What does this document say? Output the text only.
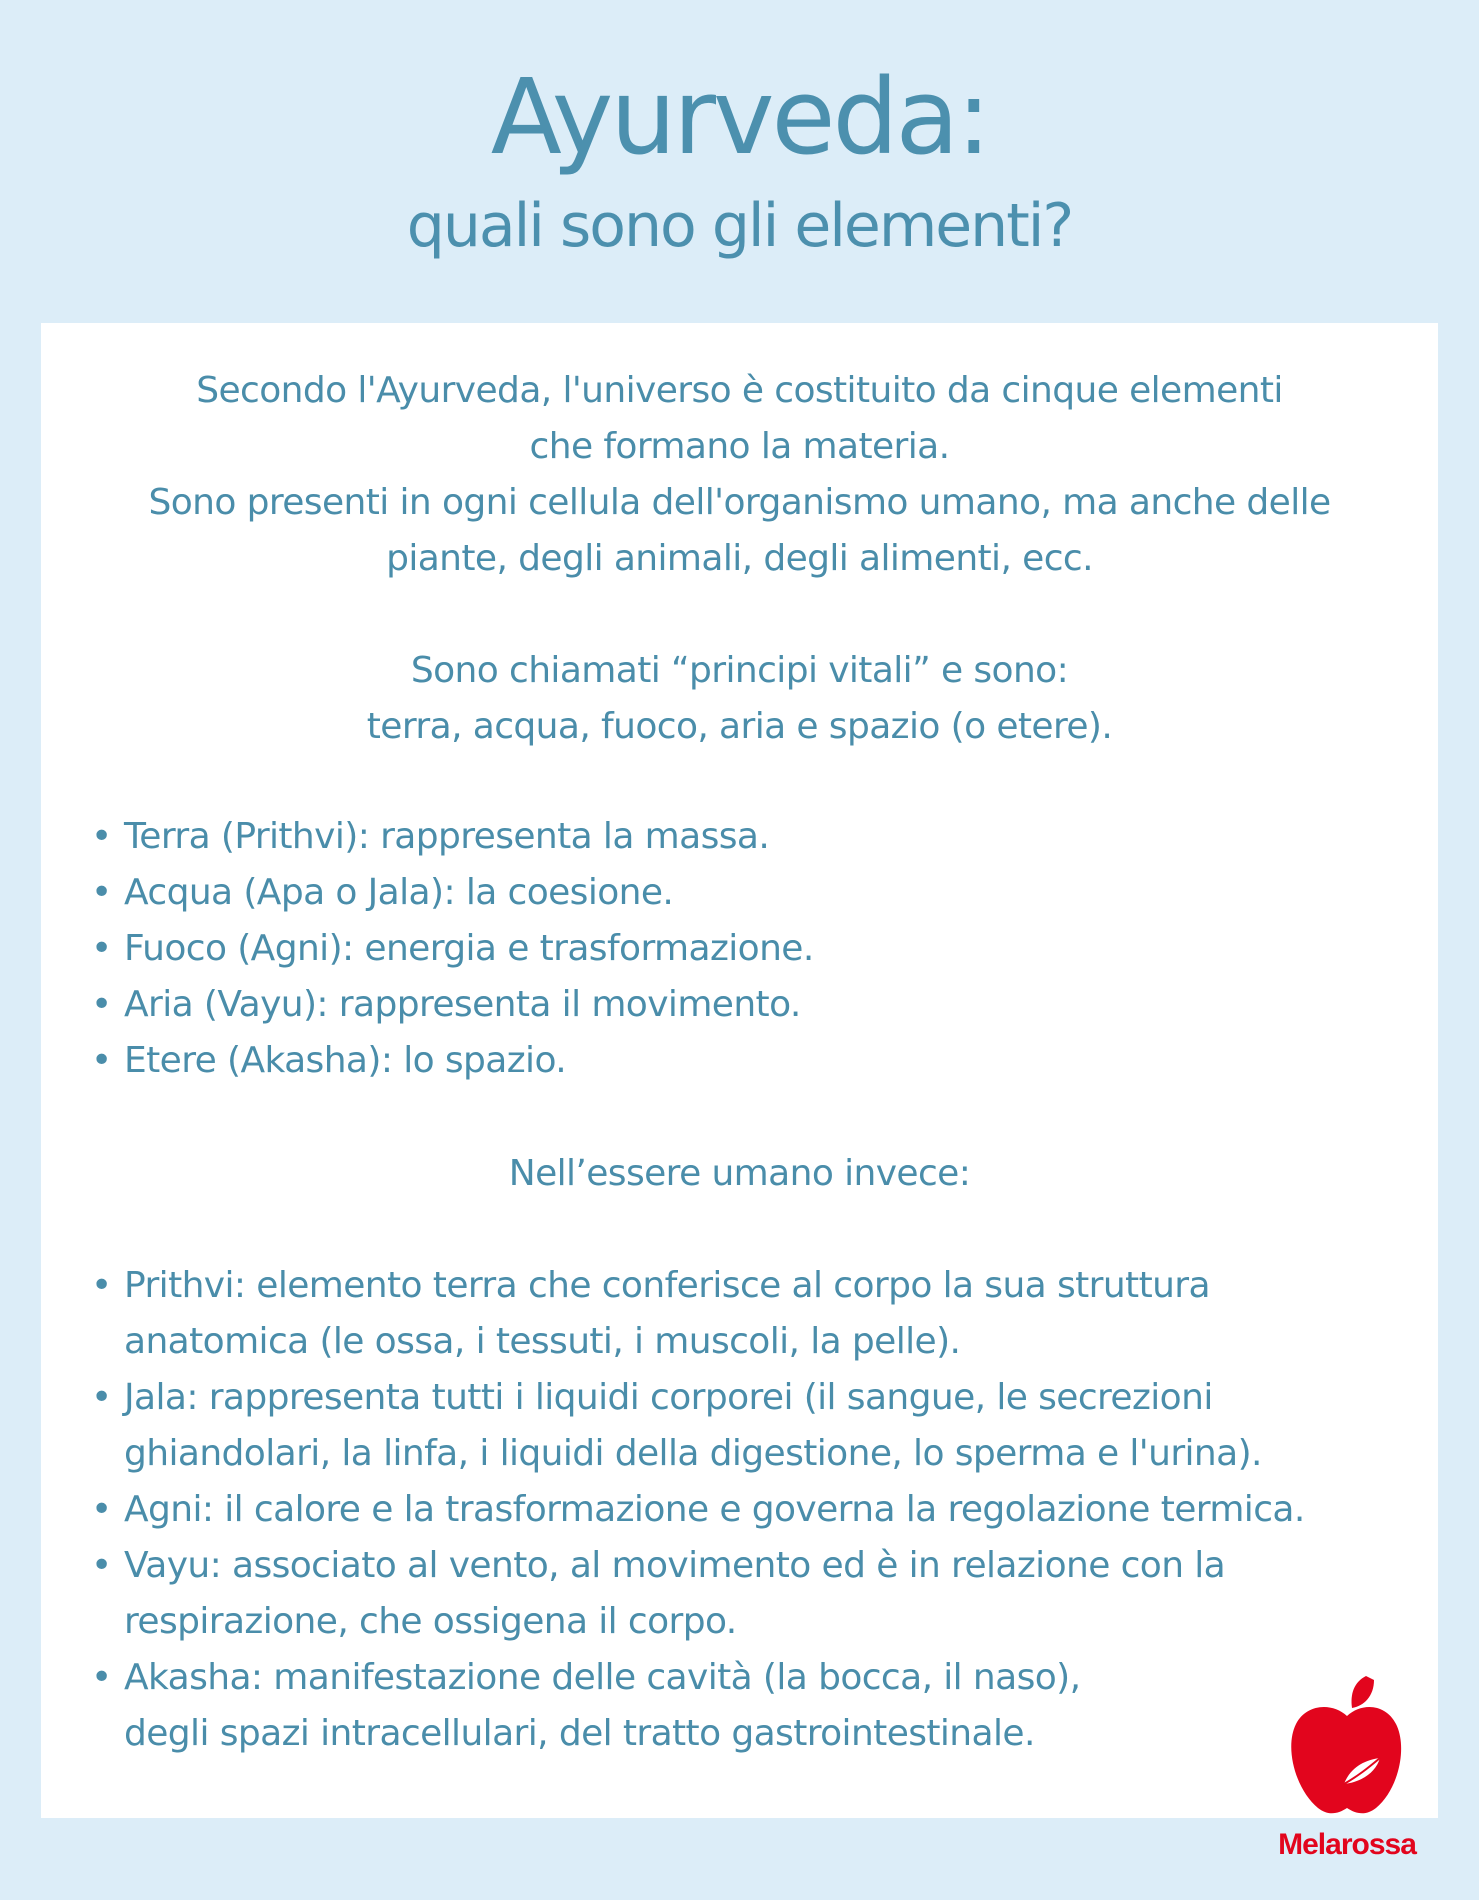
Ayurveda:
quali sono gli elementi?

Secondo l'Ayurveda, l'universo è costituito da cinque elementi

che formano la materia.

Sono presenti in ogni cellula dell'organismo umano, ma anche delle

piante, degli animali, degli alimenti, ecc.

Sono chiamati “principi vitali” e sono:

terra, acqua, fuoco, aria e spazio (o etere).

• Terra (Prithvi): rappresenta la massa.
• Acqua (Apa o Jala): la coesione.
• Fuoco (Agni): energia e trasformazione.
• Aria (Vayu): rappresenta il movimento.
• Etere (Akasha): lo spazio.

Nell’essere umano invece:

• Prithvi: elemento terra che conferisce al corpo la sua struttura
anatomica (le ossa, i tessuti, i muscoli, la pelle).
• Jala: rappresenta tutti i liquidi corporei (il sangue, le secrezioni
ghiandolari, la linfa, i liquidi della digestione, lo sperma e l'urina).
• Agni: il calore e la trasformazione e governa la regolazione termica.
• Vayu: associato al vento, al movimento ed è in relazione con la
respirazione, che ossigena il corpo.
• Akasha: manifestazione delle cavità (la bocca, il naso),
degli spazi intracellulari, del tratto gastrointestinale.
Melarossa
